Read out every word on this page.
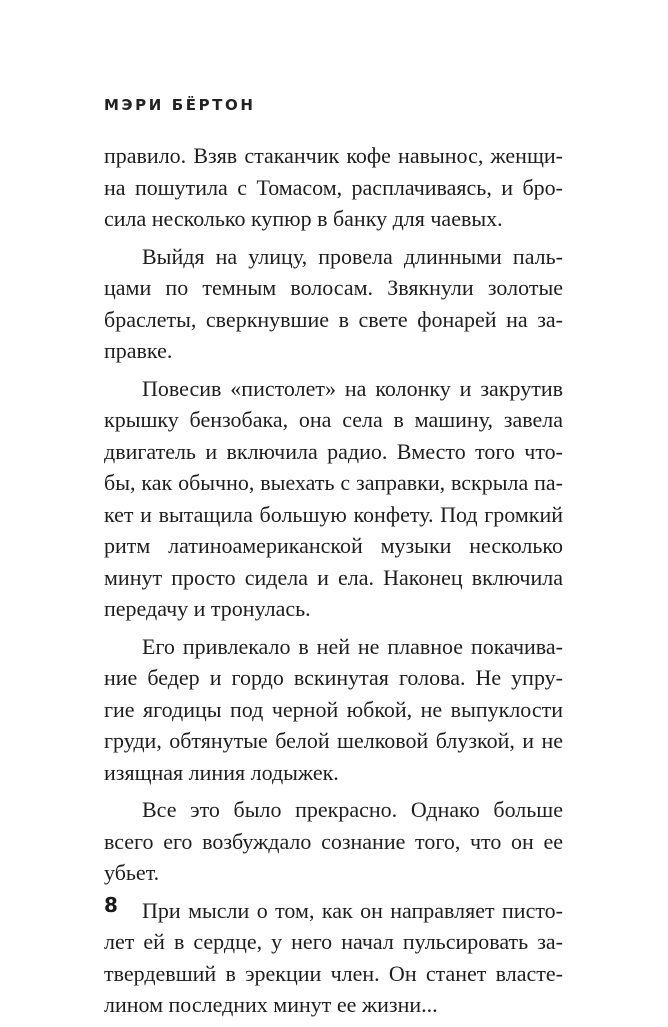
МЭРИ БЁРТОН

правило. Взяв стаканчик кофе навынос, женщи-
на пошутила с Томасом, расплачиваясь, и бро-
сила несколько купюр в банку для чаевых.

Выйдя на улицу, провела длинными паль-
цами по темным волосам. Звякнули золотые
браслеты, сверкнувшие в свете фонарей на за-
правке.

Повесив «пистолет» на колонку и закрутив
крышку бензобака, она села в машину, завела
двигатель и включила радио. Вместо того что-
бы, как обычно, выехать с заправки, вскрыла па-
кет и вытащила большую конфету. Под громкий
ритм латиноамериканской музыки несколько
минут просто сидела и ела. Наконец включила
передачу и тронулась.

Его привлекало в ней не плавное покачива-
ние бедер и гордо вскинутая голова. Не упру-
гие ягодицы под черной юбкой, не выпуклости
груди, обтянутые белой шелковой блузкой, и не
изящная линия лодыжек.

Все это было прекрасно. Однако больше
всего его возбуждало сознание того, что он ее
убьет.

При мысли о том, как он направляет писто-
лет ей в сердце, у него начал пульсировать за-
твердевший в эрекции член. Он станет власте-
лином последних минут ее жизни...

8
